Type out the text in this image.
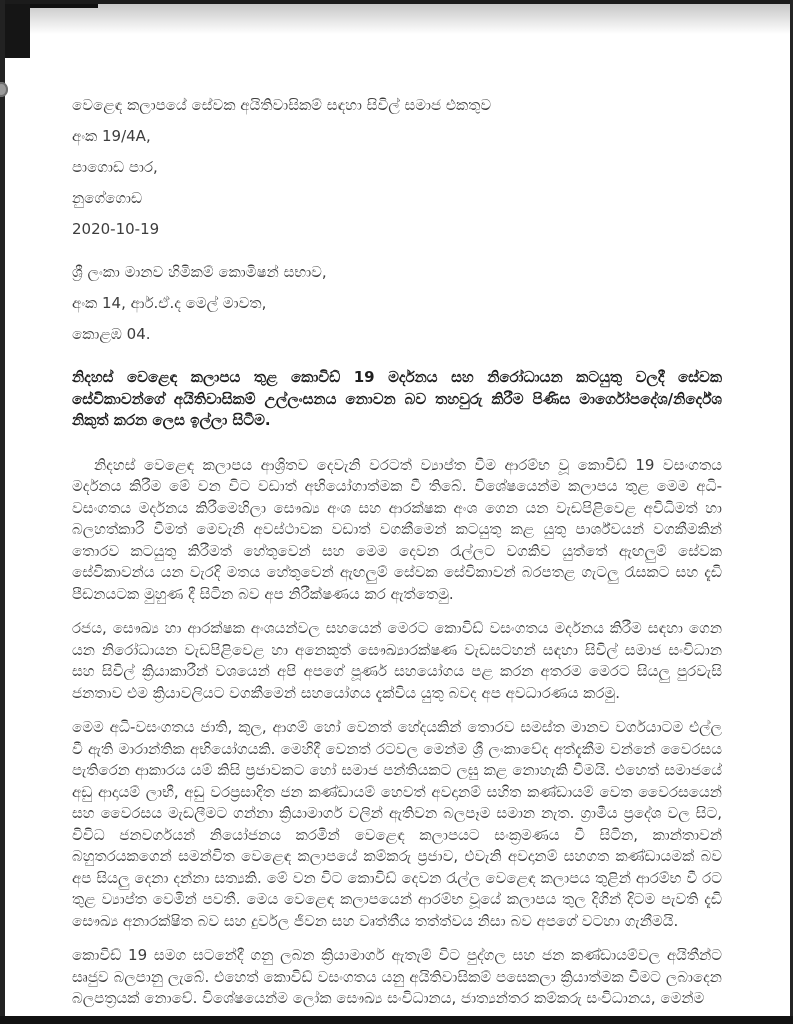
වෙළෙඳ කලාපයේ සේවක අයිතිවාසිකම් සඳහා සිවිල් සමාජ එකතුව
අංක 19/4A,
පාගොඩ පාර,
නුගේගොඩ
2020-10-19
ශ්‍රී ලංකා මානව හිමිකම් කොමිෂන් සභාව,
අංක 14, ආර්.ඒ.ද මෙල් මාවත,
කොළඹ 04.
නිදහස් වෙළෙඳ කලාපය තුළ කොවිඩ් 19 මර්දනය සහ නිරෝධායන කටයුතු වලදී සේවක සේවිකාවන්ගේ අයිතිවාසිකම් උල්ලංසනය නොවන බව තහවුරු කිරීම පිණිස මාර්ගෝපදේශ/නිර්දේශ නිකුත් කරන ලෙස ඉල්ලා සිටීම.
නිදහස් වෙළෙඳ කලාපය ආශ්‍රිතව දෙවැනි වරටත් ව්‍යාප්ත වීම ආරම්භ වූ කොවිඩ් 19 වසංගතය මර්දනය කිරීම මේ වන විට වඩාත් අභියෝගාත්මක වී තිබේ. විශේෂයෙන්ම කලාපය තුළ මෙම අධි-වසංගතය මර්දනය කිරීමෙහිලා සෞඛ්‍ය අංශ සහ ආරක්ෂක අංශ ගෙන යන වැඩපිළිවෙළ අවිධිමත් හා බලහත්කාරී වීමත් මෙවැනි අවස්ථාවක වඩාත් වගකීමෙන් කටයුතු කළ යුතු පාර්ශ්වයන් වගකීමකින් තොරව කටයුතු කිරීමත් හේතුවෙන් සහ මෙම දෙවන රැල්ලට වගකිව යුත්තේ ඇඟලුම් සේවක සේවිකාවන්ය යන වැරදි මතය හේතුවෙන් ඇඟලුම් සේවක සේවිකාවන් බරපතළ ගැටලු රැසකට සහ දැඩි පීඩනයටක මුහුණ දී සිටින බව අප නිරීක්ෂණය කර ඇත්තෙමු.
රජය, සෞඛ්‍ය හා ආරක්ෂක අංශයන්වල සහයෙන් මෙරට කොවිඩ් වසංගතය මර්දනය කිරීම සඳහා ගෙන යන නිරෝධායන වැඩපිළිවෙළ හා අනෙකුත් සෞඛ්‍යාරක්ෂණ වැඩසටහන් සඳහා සිවිල් සමාජ සංවිධාන සහ සිවිල් ක්‍රියාකාරීන් වශයෙන් අපි අපගේ පූර්ණ සහයෝගය පළ කරන අතරම මෙරට සියලු පුරවැසි ජනතාව එම ක්‍රියාවලියට වගකීමෙන් සහයෝගය දැක්විය යුතු බවද අප අවධාරණය කරමු.
මෙම අධි-වසංගතය ජාති, කුල, ආගම් හෝ වෙනත් හේදයකින් තොරව සමස්ත මානව වර්ගයාටම එල්ල වී ඇති මාරාන්තික අභියෝගයකි. මෙහිදී වෙනත් රටවල මෙන්ම ශ්‍රී ලංකාවේද අත්දැකීම වන්නේ වෛරසය පැතිරෙන ආකාරය යම් කිසි ප්‍රජාවකට හෝ සමාජ පන්තියකට ලඝු කළ නොහැකි වීමයි. එහෙත් සමාජයේ අඩු ආදායම් ලාභී, අඩු වරප්‍රසාදිත ජන කණ්ඩායම් හෙවත් අවදානම් සහිත කණ්ඩායම් වෙත වෛරසයෙන් සහ වෛරසය මැඩලීමට ගන්නා ක්‍රියාමාර්ග වලින් ඇතිවන බලපෑම සමාන නැත. ග්‍රාමීය ප්‍රදේශ වල සිට, විවිධ ජනවර්ගයන් නියෝජනය කරමින් වෙළෙඳ කලාපයට සංක්‍රමණය වී සිටින, කාන්තාවන් බහුතරයකගෙන් සමන්විත වෙළෙඳ කලාපයේ කම්කරු ප්‍රජාව, එවැනි අවදානම් සහගත කණ්ඩායමක් බව අප සියලු දෙනා දන්නා සත්‍යකි. මේ වන විට කොවිඩ් දෙවන රැල්ල වෙළෙඳ කලාපය තුළින් ආරම්භ වී රට තුළ ව්‍යාප්ත වෙමින් පවතී. මෙය වෙළෙඳ කලාපයෙන් ආරම්භ වූයේ කලාපය තුල දිගින් දිටම පැවති දැඩි සෞඛ්‍ය අනාරක්ෂිත බව සහ දුර්වල ජීවන සහ වෘත්තීය තත්ත්වය නිසා බව අපගේ වටහා ගැනීමයි.
කොවිඩ් 19 සමග සටනේදී ගනු ලබන ක්‍රියාමාර්ග ඇතැම් විට පුද්ගල සහ ජන කණ්ඩායම්වල අයිතීන්ට සෘජුව බලපානු ලැබේ. එහෙත් කොවිඩ් වසංගතය යනු අයිතිවාසිකම් පසෙකලා ක්‍රියාත්මක වීමට ලබාදෙන බලපත්‍රයක් නොවේ. විශේෂයෙන්ම ලෝක සෞඛ්‍ය සංවිධානය, ජාත්‍යන්තර කම්කරු සංවිධානය, මෙන්ම
